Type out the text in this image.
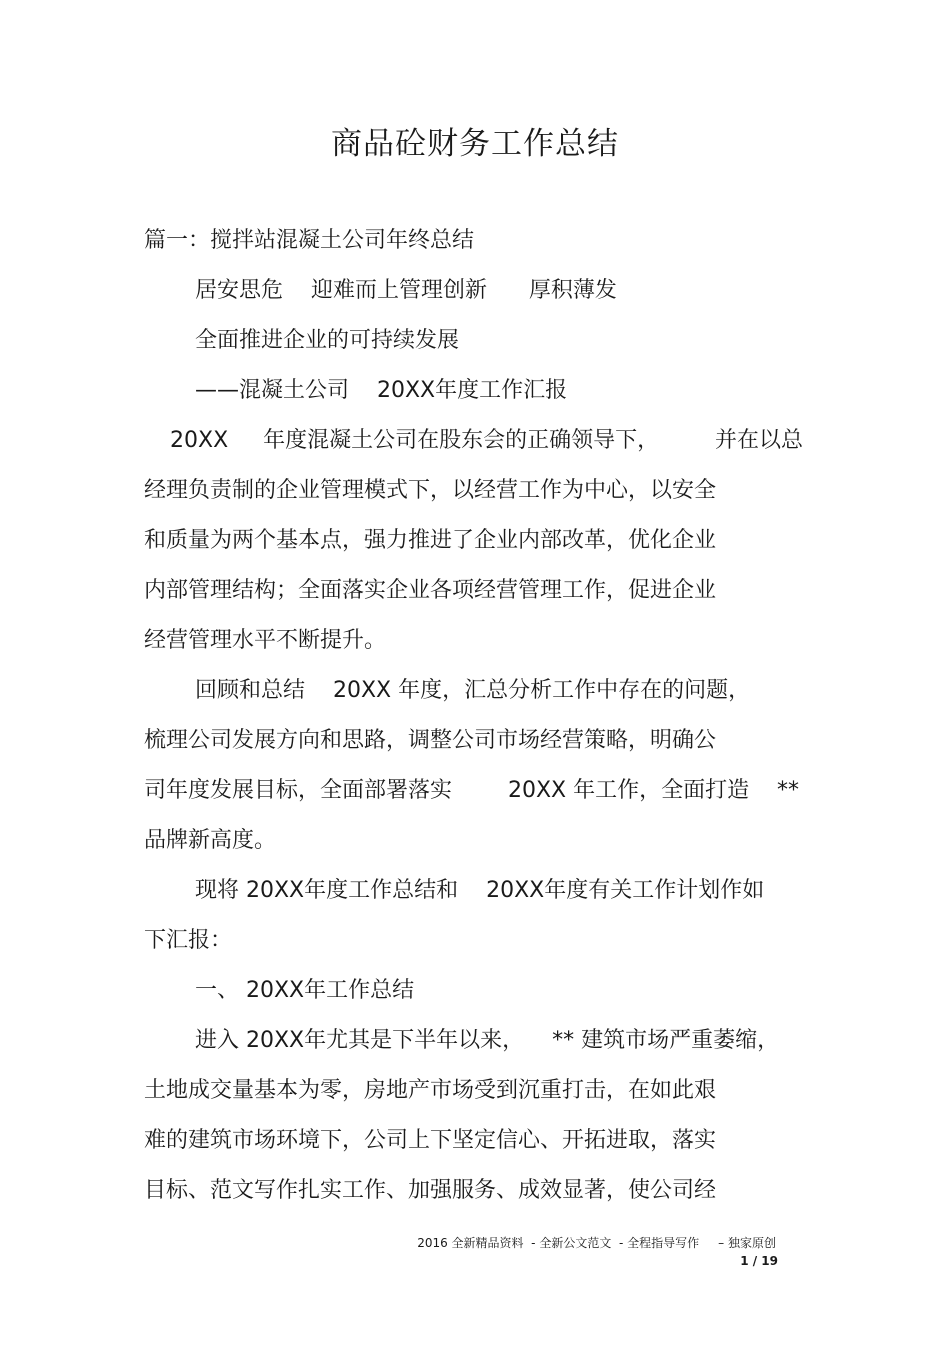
商品砼财务工作总结
篇一：搅拌站混凝土公司年终总结
居安思危    迎难而上管理创新      厚积薄发
全面推进企业的可持续发展
——混凝土公司    20XX年度工作汇报
20XX     年度混凝土公司在股东会的正确领导下，        并在以总
经理负责制的企业管理模式下，以经营工作为中心，以安全
和质量为两个基本点，强力推进了企业内部改革，优化企业
内部管理结构；全面落实企业各项经营管理工作，促进企业
经营管理水平不断提升。
回顾和总结    20XX 年度，汇总分析工作中存在的问题，
梳理公司发展方向和思路，调整公司市场经营策略，明确公
司年度发展目标，全面部署落实        20XX 年工作，全面打造    **
品牌新高度。
现将 20XX年度工作总结和    20XX年度有关工作计划作如
下汇报：
一、 20XX年工作总结
进入 20XX年尤其是下半年以来，    ** 建筑市场严重萎缩，
土地成交量基本为零，房地产市场受到沉重打击，在如此艰
难的建筑市场环境下，公司上下坚定信心、开拓进取，落实
目标、范文写作扎实工作、加强服务、成效显著，使公司经
2016 全新精品资料  - 全新公文范文  - 全程指导写作     – 独家原创
1 / 19
